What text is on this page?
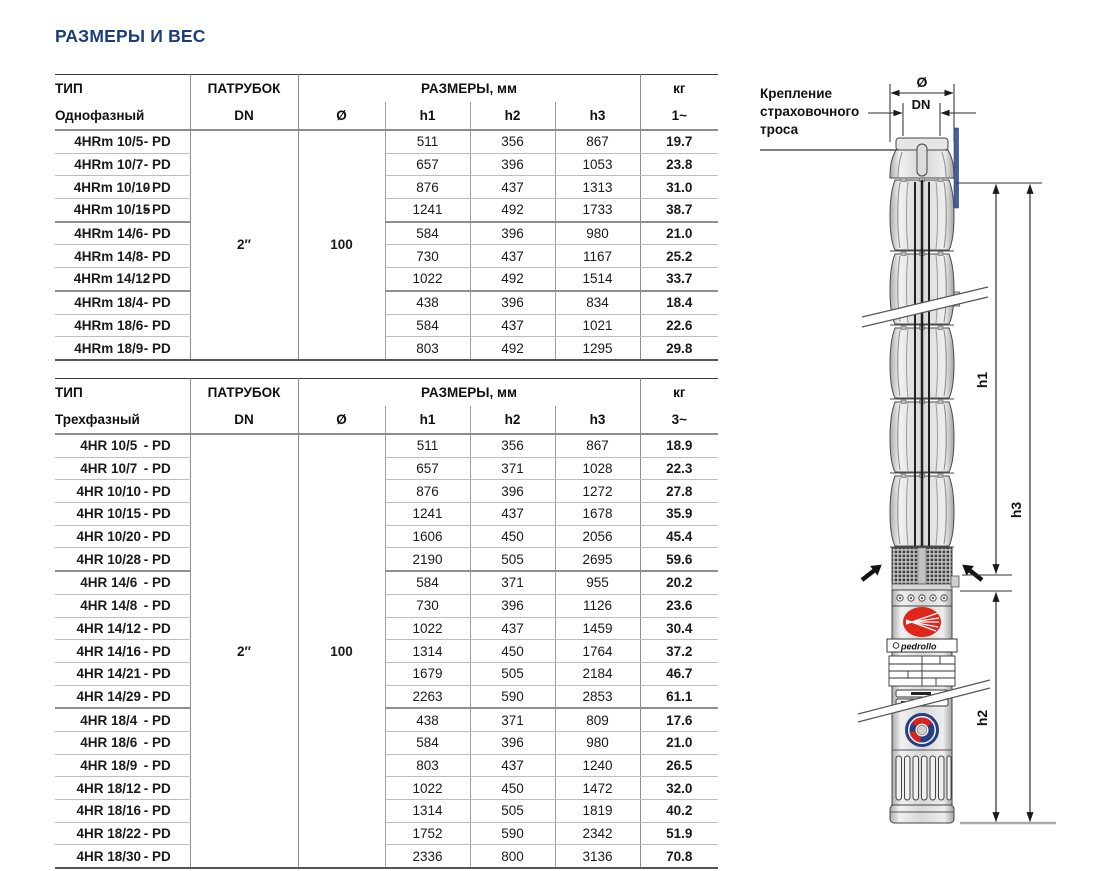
РАЗМЕРЫ И ВЕС
ТИП	ПАТРУБОК	РАЗМЕРЫ, мм				кг
Однофазный	DN	Ø	h1	h2	h3	1~
4HRm 10/5- PD	2″	100	511	356	867	19.7
4HRm 10/7- PD			657	396	1053	23.8
4HRm 10/10- PD			876	437	1313	31.0
4HRm 10/15- PD			1241	492	1733	38.7
4HRm 14/6- PD			584	396	980	21.0
4HRm 14/8- PD			730	437	1167	25.2
4HRm 14/12- PD			1022	492	1514	33.7
4HRm 18/4- PD			438	396	834	18.4
4HRm 18/6- PD			584	437	1021	22.6
4HRm 18/9- PD			803	492	1295	29.8
ТИП	ПАТРУБОК	РАЗМЕРЫ, мм				кг
Трехфазный	DN	Ø	h1	h2	h3	3~
4HR 10/5 - PD	2″	100	511	356	867	18.9
4HR 10/7 - PD			657	371	1028	22.3
4HR 10/10 - PD			876	396	1272	27.8
4HR 10/15 - PD			1241	437	1678	35.9
4HR 10/20 - PD			1606	450	2056	45.4
4HR 10/28 - PD			2190	505	2695	59.6
4HR 14/6 - PD			584	371	955	20.2
4HR 14/8 - PD			730	396	1126	23.6
4HR 14/12 - PD			1022	437	1459	30.4
4HR 14/16 - PD			1314	450	1764	37.2
4HR 14/21 - PD			1679	505	2184	46.7
4HR 14/29 - PD			2263	590	2853	61.1
4HR 18/4 - PD			438	371	809	17.6
4HR 18/6 - PD			584	396	980	21.0
4HR 18/9 - PD			803	437	1240	26.5
4HR 18/12 - PD			1022	450	1472	32.0
4HR 18/16 - PD			1314	505	1819	40.2
4HR 18/22 - PD			1752	590	2342	51.9
4HR 18/30 - PD			2336	800	3136	70.8
Крепление
страховочного
троса
Ø
DN
pedrollo
h1
h2
h3
